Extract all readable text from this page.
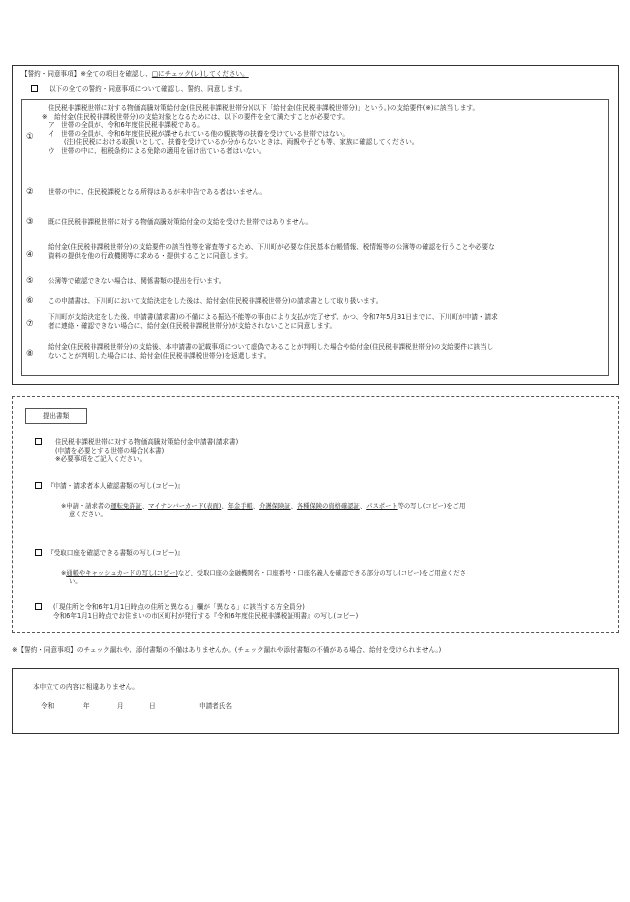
【誓約・同意事項】※全ての項目を確認し、□にチェック(レ)してください。
以下の全ての誓約・同意事項について確認し、誓約、同意します。
①
住民税非課税世帯に対する物価高騰対策給付金(住民税非課税世帯分)(以下「給付金(住民税非課税世帯分)」という。)の支給要件(※)に該当します。
※　給付金(住民税非課税世帯分)の支給対象となるためには、以下の要件を全て満たすことが必要です。
ア　世帯の全員が、令和6年度住民税非課税である。
イ　世帯の全員が、令和6年度住民税が課せられている他の親族等の扶養を受けている世帯ではない。
(注)住民税における取扱いとして、扶養を受けているか分からないときは、両親や子ども等、家族に確認してください。
ウ　世帯の中に、租税条約による免除の適用を届け出ている者はいない。
② 世帯の中に、住民税課税となる所得はあるが未申告である者はいません。
③ 既に住民税非課税世帯に対する物価高騰対策給付金の支給を受けた世帯ではありません。
④
給付金(住民税非課税世帯分)の支給要件の該当性等を審査等するため、下川町が必要な住民基本台帳情報、税情報等の公簿等の確認を行うことや必要な
資料の提供を他の行政機関等に求める・提供することに同意します。
⑤ 公簿等で確認できない場合は、関係書類の提出を行います。
⑥ この申請書は、下川町において支給決定をした後は、給付金(住民税非課税世帯分)の請求書として取り扱います。
⑦
下川町が支給決定をした後、申請書(請求書)の不備による振込不能等の事由により支払が完了せず、かつ、令和7年5月31日までに、下川町が申請・請求
者に連絡・確認できない場合に、給付金(住民税非課税世帯分)が支給されないことに同意します。
⑧
給付金(住民税非課税世帯分)の支給後、本申請書の記載事項について虚偽であることが判明した場合や給付金(住民税非課税世帯分)の支給要件に該当し
ないことが判明した場合には、給付金(住民税非課税世帯分)を返還します。
提出書類
住民税非課税世帯に対する物価高騰対策給付金申請書(請求書)
(申請を必要とする世帯の場合)(本書)
※必要事項をご記入ください。
『申請・請求者本人確認書類の写し(コピー)』
※申請・請求者の運転免許証、マイナンバーカード(表面)、年金手帳、介護保険証、各種保険の資格確認証、パスポート等の写し(コピー)をご用
意ください。
『受取口座を確認できる書類の写し(コピー)』
※通帳やキャッシュカードの写し(コピー)など、受取口座の金融機関名・口座番号・口座名義人を確認できる部分の写し(コピー)をご用意くださ
い。
(「現住所と令和6年1月1日時点の住所と異なる」欄が「異なる」に該当する方全員分)
令和6年1月1日時点でお住まいの市区町村が発行する『令和6年度住民税非課税証明書』の写し(コピー)
※【誓約・同意事項】のチェック漏れや、添付書類の不備はありませんか。(チェック漏れや添付書類の不備がある場合、給付を受けられません。)
本申立ての内容に相違ありません。
令和	年	月	日	申請者氏名
